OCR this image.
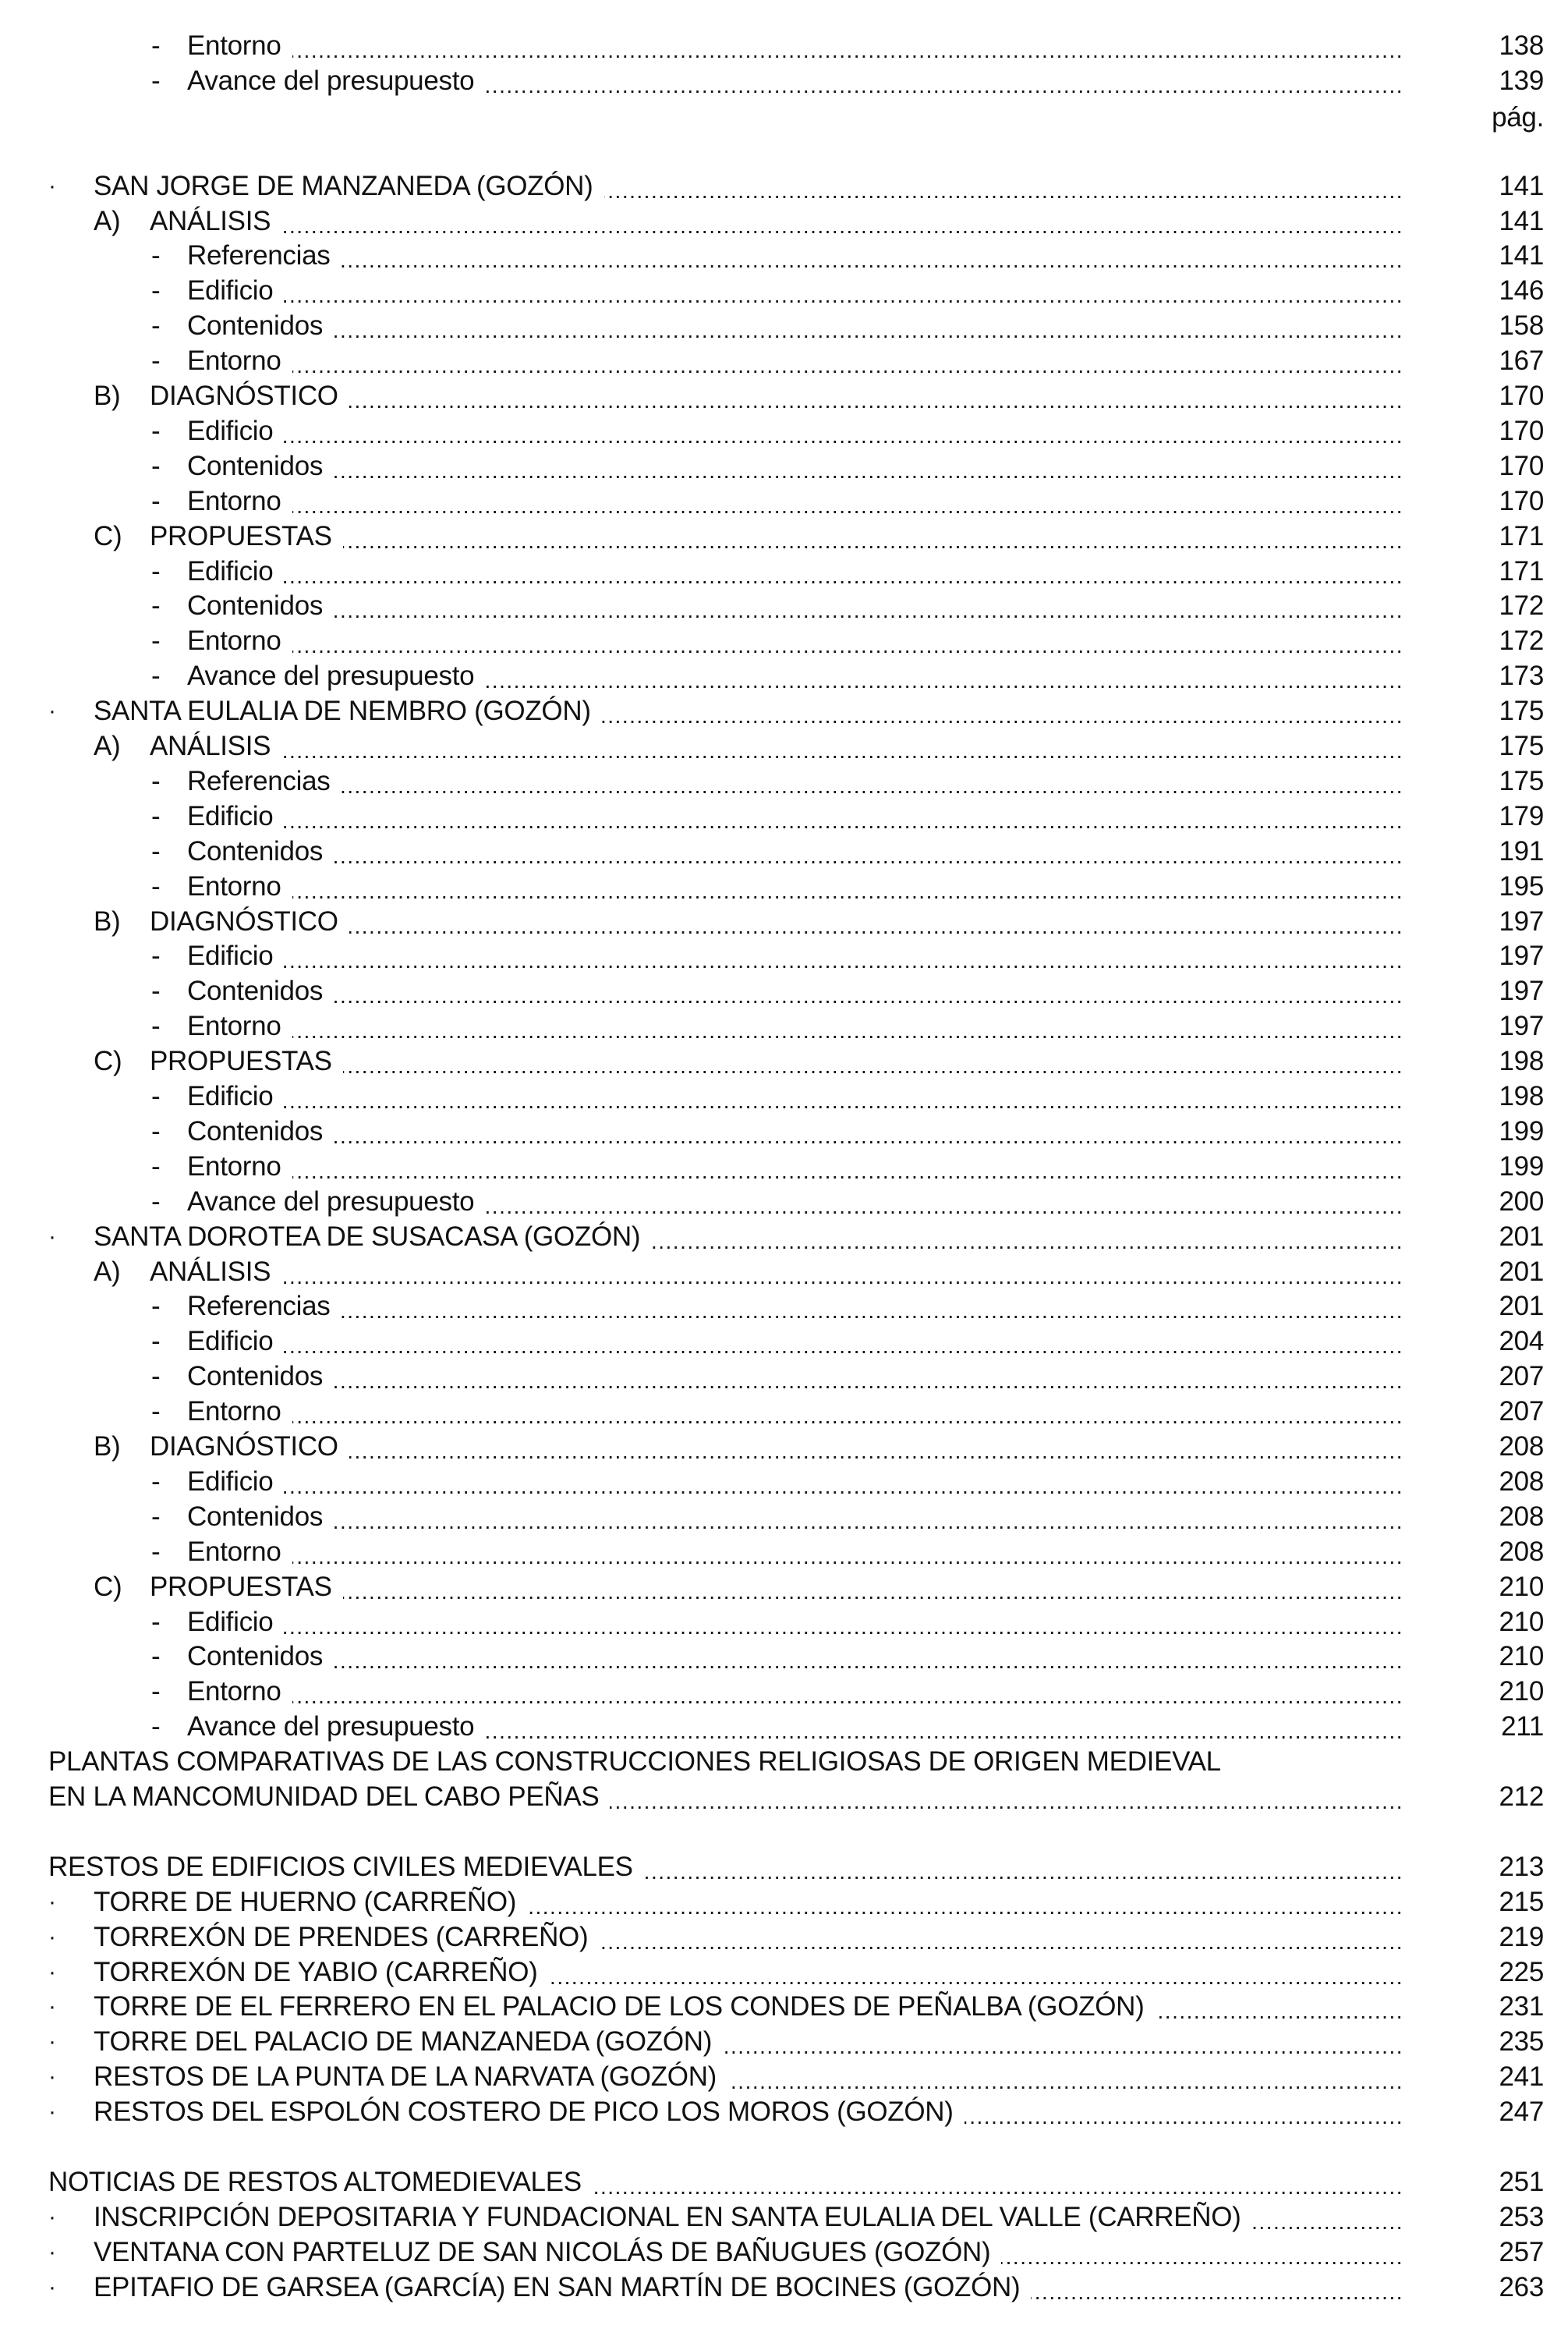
pág.
- ..... Entorno	138
- ..... Avance del presupuesto	139
· ..... SAN JORGE DE MANZANEDA (GOZÓN)	141
A) ..... ANÁLISIS	141
- ..... Referencias	141
- ..... Edificio	146
- ..... Contenidos	158
- ..... Entorno	167
B) ..... DIAGNÓSTICO	170
- ..... Edificio	170
- ..... Contenidos	170
- ..... Entorno	170
C) ..... PROPUESTAS	171
- ..... Edificio	171
- ..... Contenidos	172
- ..... Entorno	172
- ..... Avance del presupuesto	173
· ..... SANTA EULALIA DE NEMBRO (GOZÓN)	175
A) ..... ANÁLISIS	175
- ..... Referencias	175
- ..... Edificio	179
- ..... Contenidos	191
- ..... Entorno	195
B) ..... DIAGNÓSTICO	197
- ..... Edificio	197
- ..... Contenidos	197
- ..... Entorno	197
C) ..... PROPUESTAS	198
- ..... Edificio	198
- ..... Contenidos	199
- ..... Entorno	199
- ..... Avance del presupuesto	200
· ..... SANTA DOROTEA DE SUSACASA (GOZÓN)	201
A) ..... ANÁLISIS	201
- ..... Referencias	201
- ..... Edificio	204
- ..... Contenidos	207
- ..... Entorno	207
B) ..... DIAGNÓSTICO	208
- ..... Edificio	208
- ..... Contenidos	208
- ..... Entorno	208
C) ..... PROPUESTAS	210
- ..... Edificio	210
- ..... Contenidos	210
- ..... Entorno	210
- ..... Avance del presupuesto	211
PLANTAS COMPARATIVAS DE LAS CONSTRUCCIONES RELIGIOSAS DE ORIGEN MEDIEVAL
.....
EN LA MANCOMUNIDAD DEL CABO PEÑAS	212
.....
RESTOS DE EDIFICIOS CIVILES MEDIEVALES	213
· ..... TORRE DE HUERNO (CARREÑO)	215
· ..... TORREXÓN DE PRENDES (CARREÑO)	219
· ..... TORREXÓN DE YABIO (CARREÑO)	225
· ..... TORRE DE EL FERRERO EN EL PALACIO DE LOS CONDES DE PEÑALBA (GOZÓN)	231
· ..... TORRE DEL PALACIO DE MANZANEDA (GOZÓN)	235
· ..... RESTOS DE LA PUNTA DE LA NARVATA (GOZÓN)	241
· ..... RESTOS DEL ESPOLÓN COSTERO DE PICO LOS MOROS (GOZÓN)	247
.....
NOTICIAS DE RESTOS ALTOMEDIEVALES	251
· ..... INSCRIPCIÓN DEPOSITARIA Y FUNDACIONAL EN SANTA EULALIA DEL VALLE (CARREÑO)	253
· ..... VENTANA CON PARTELUZ DE SAN NICOLÁS DE BAÑUGUES (GOZÓN)	257
· ..... EPITAFIO DE GARSEA (GARCÍA) EN SAN MARTÍN DE BOCINES (GOZÓN)	263
